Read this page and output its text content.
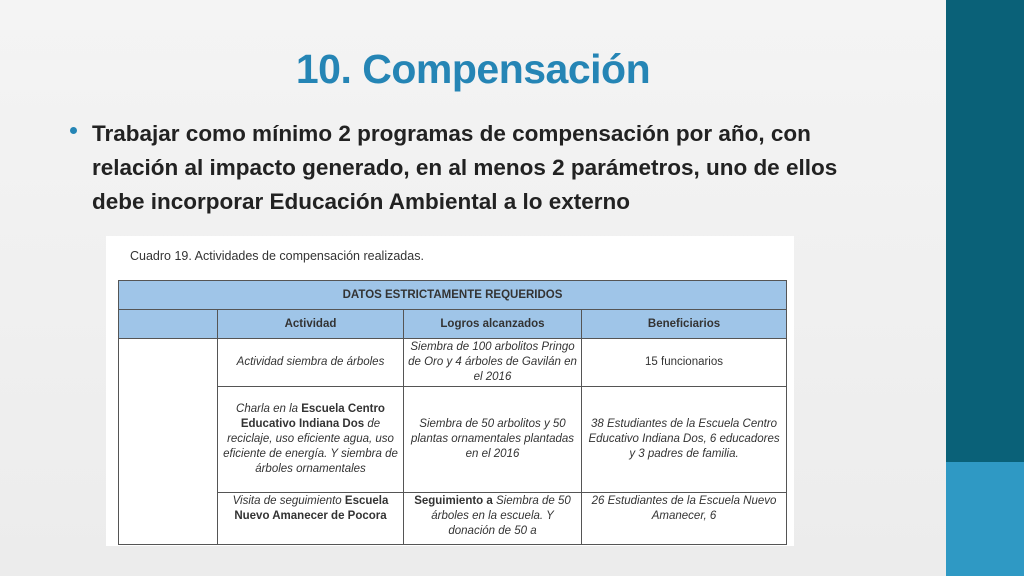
10. Compensación
Trabajar como mínimo 2 programas de compensación por año, con relación al impacto generado, en al menos 2 parámetros, uno de ellos debe incorporar Educación Ambiental a lo externo
Cuadro 19. Actividades de compensación realizadas.
DATOS ESTRICTAMENTE REQUERIDOS			
	Actividad	Logros alcanzados	Beneficiarios
	Actividad siembra de árboles	Siembra de 100 arbolitos Pringo de Oro y 4 árboles de Gavilán en el 2016	15 funcionarios
	Charla en la Escuela Centro Educativo Indiana Dos de reciclaje, uso eficiente agua, uso eficiente de energía. Y siembra de árboles ornamentales	Siembra de 50 arbolitos y 50 plantas ornamentales plantadas en el 2016	38 Estudiantes de la Escuela Centro Educativo Indiana Dos, 6 educadores y 3 padres de familia.
	Visita de seguimiento Escuela Nuevo Amanecer de Pocora	Seguimiento a Siembra de 50 árboles en la escuela. Y donación de 50 a	26 Estudiantes de la Escuela Nuevo Amanecer, 6
